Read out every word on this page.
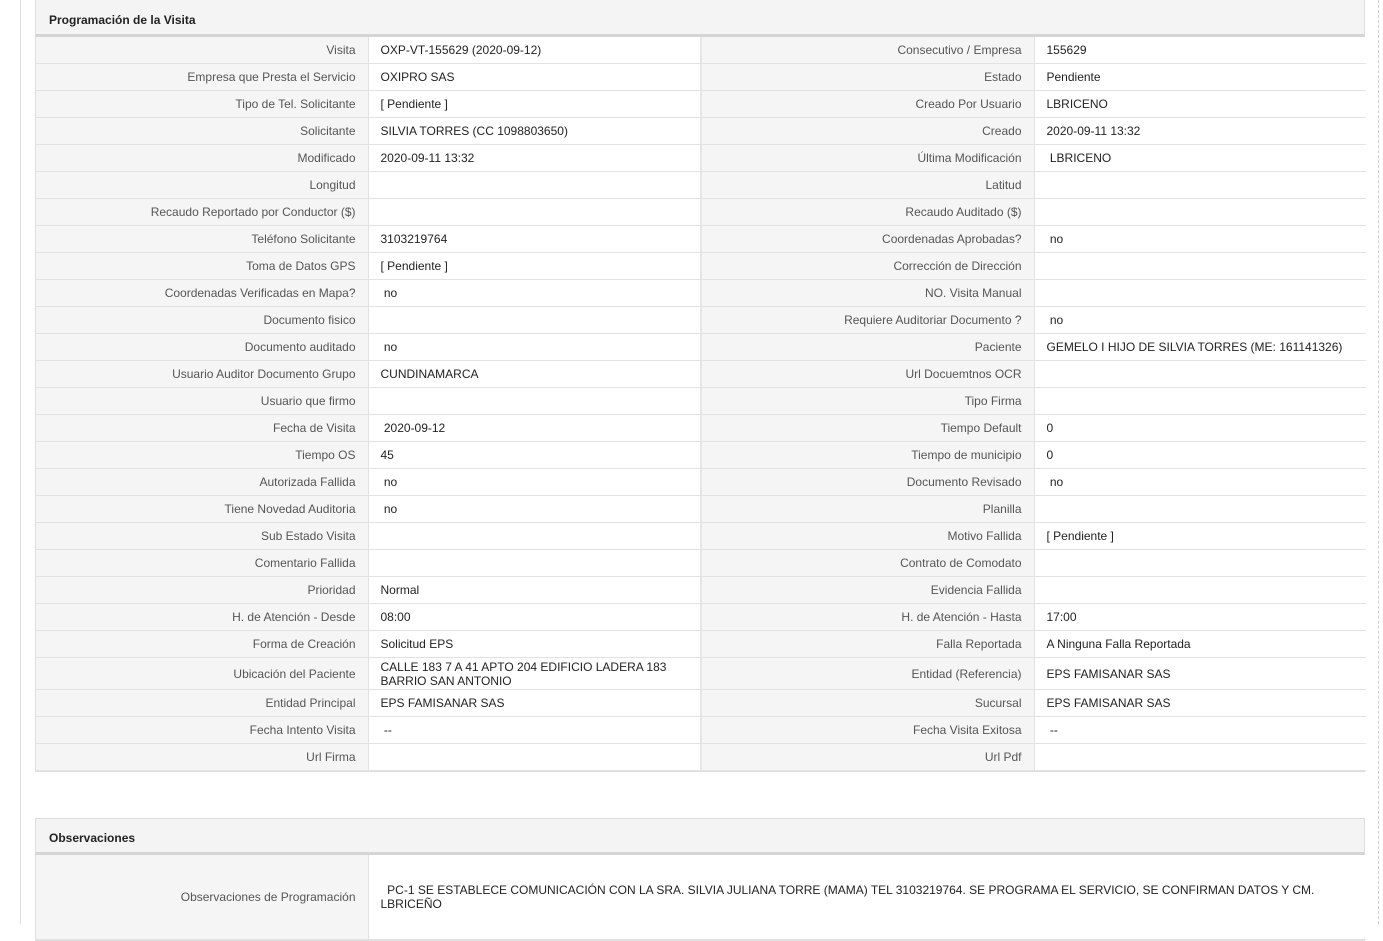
Programación de la Visita
Visita	OXP-VT-155629 (2020-09-12)	Consecutivo / Empresa	155629

Empresa que Presta el Servicio	OXIPRO SAS	Estado	Pendiente

Tipo de Tel. Solicitante	[ Pendiente ]	Creado Por Usuario	LBRICENO

Solicitante	SILVIA TORRES (CC 1098803650)	Creado	2020-09-11 13:32

Modificado	2020-09-11 13:32	Última Modificación	LBRICENO

Longitud		Latitud	

Recaudo Reportado por Conductor ($)		Recaudo Auditado ($)	

Teléfono Solicitante	3103219764	Coordenadas Aprobadas?	no

Toma de Datos GPS	[ Pendiente ]	Corrección de Dirección	

Coordenadas Verificadas en Mapa?	no	NO. Visita Manual	

Documento fisico		Requiere Auditoriar Documento ?	no

Documento auditado	no	Paciente	GEMELO I HIJO DE SILVIA TORRES (ME: 161141326)

Usuario Auditor Documento Grupo	CUNDINAMARCA	Url Docuemtnos OCR	

Usuario que firmo		Tipo Firma	

Fecha de Visita	2020-09-12	Tiempo Default	0

Tiempo OS	45	Tiempo de municipio	0

Autorizada Fallida	no	Documento Revisado	no

Tiene Novedad Auditoria	no	Planilla	

Sub Estado Visita		Motivo Fallida	[ Pendiente ]

Comentario Fallida		Contrato de Comodato	

Prioridad	Normal	Evidencia Fallida	

H. de Atención - Desde	08:00	H. de Atención - Hasta	17:00

Forma de Creación	Solicitud EPS	Falla Reportada	A Ninguna Falla Reportada

Ubicación del Paciente	CALLE 183 7 A 41 APTO 204 EDIFICIO LADERA 183 BARRIO SAN ANTONIO	Entidad (Referencia)	EPS FAMISANAR SAS

Entidad Principal	EPS FAMISANAR SAS	Sucursal	EPS FAMISANAR SAS

Fecha Intento Visita	--	Fecha Visita Exitosa	--

Url Firma		Url Pdf	
Observaciones
Observaciones de Programación	PC-1 SE ESTABLECE COMUNICACIÓN CON LA SRA. SILVIA JULIANA TORRE (MAMA) TEL 3103219764. SE PROGRAMA EL SERVICIO, SE CONFIRMAN DATOS Y CM. LBRICEÑO
